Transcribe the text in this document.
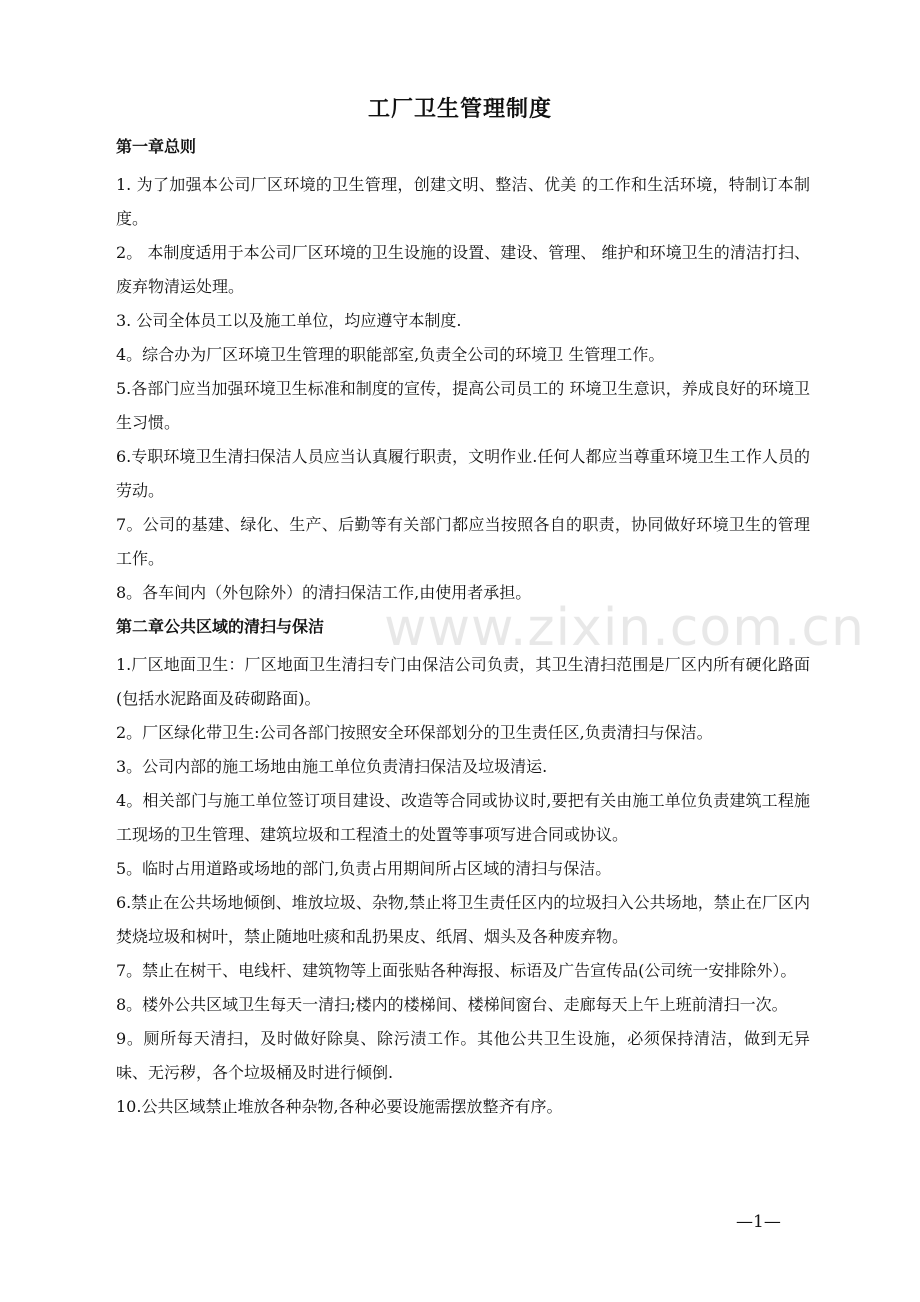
工厂卫生管理制度
第一章总则

1. 为了加强本公司厂区环境的卫生管理，创建文明、整洁、优美 的工作和生活环境，特制订本制度。

2。 本制度适用于本公司厂区环境的卫生设施的设置、建设、管理、 维护和环境卫生的清洁打扫、废弃物清运处理。

3. 公司全体员工以及施工单位，均应遵守本制度.

4。综合办为厂区环境卫生管理的职能部室,负责全公司的环境卫 生管理工作。

5.各部门应当加强环境卫生标准和制度的宣传，提高公司员工的 环境卫生意识，养成良好的环境卫生习惯。

6.专职环境卫生清扫保洁人员应当认真履行职责，文明作业.任何人都应当尊重环境卫生工作人员的劳动。

7。公司的基建、绿化、生产、后勤等有关部门都应当按照各自的职责，协同做好环境卫生的管理工作。

8。各车间内（外包除外）的清扫保洁工作,由使用者承担。

第二章公共区域的清扫与保洁

1.厂区地面卫生：厂区地面卫生清扫专门由保洁公司负责，其卫生清扫范围是厂区内所有硬化路面(包括水泥路面及砖砌路面)。

2。厂区绿化带卫生:公司各部门按照安全环保部划分的卫生责任区,负责清扫与保洁。

3。公司内部的施工场地由施工单位负责清扫保洁及垃圾清运.

4。相关部门与施工单位签订项目建设、改造等合同或协议时,要把有关由施工单位负责建筑工程施工现场的卫生管理、建筑垃圾和工程渣土的处置等事项写进合同或协议。

5。临时占用道路或场地的部门,负责占用期间所占区域的清扫与保洁。

6.禁止在公共场地倾倒、堆放垃圾、杂物,禁止将卫生责任区内的垃圾扫入公共场地，禁止在厂区内焚烧垃圾和树叶，禁止随地吐痰和乱扔果皮、纸屑、烟头及各种废弃物。

7。禁止在树干、电线杆、建筑物等上面张贴各种海报、标语及广告宣传品(公司统一安排除外）。

8。楼外公共区域卫生每天一清扫;楼内的楼梯间、楼梯间窗台、走廊每天上午上班前清扫一次。

9。厕所每天清扫，及时做好除臭、除污渍工作。其他公共卫生设施，必须保持清洁，做到无异味、无污秽，各个垃圾桶及时进行倾倒.

10.公共区域禁止堆放各种杂物,各种必要设施需摆放整齐有序。

www.zixin.com.cn
—1—
